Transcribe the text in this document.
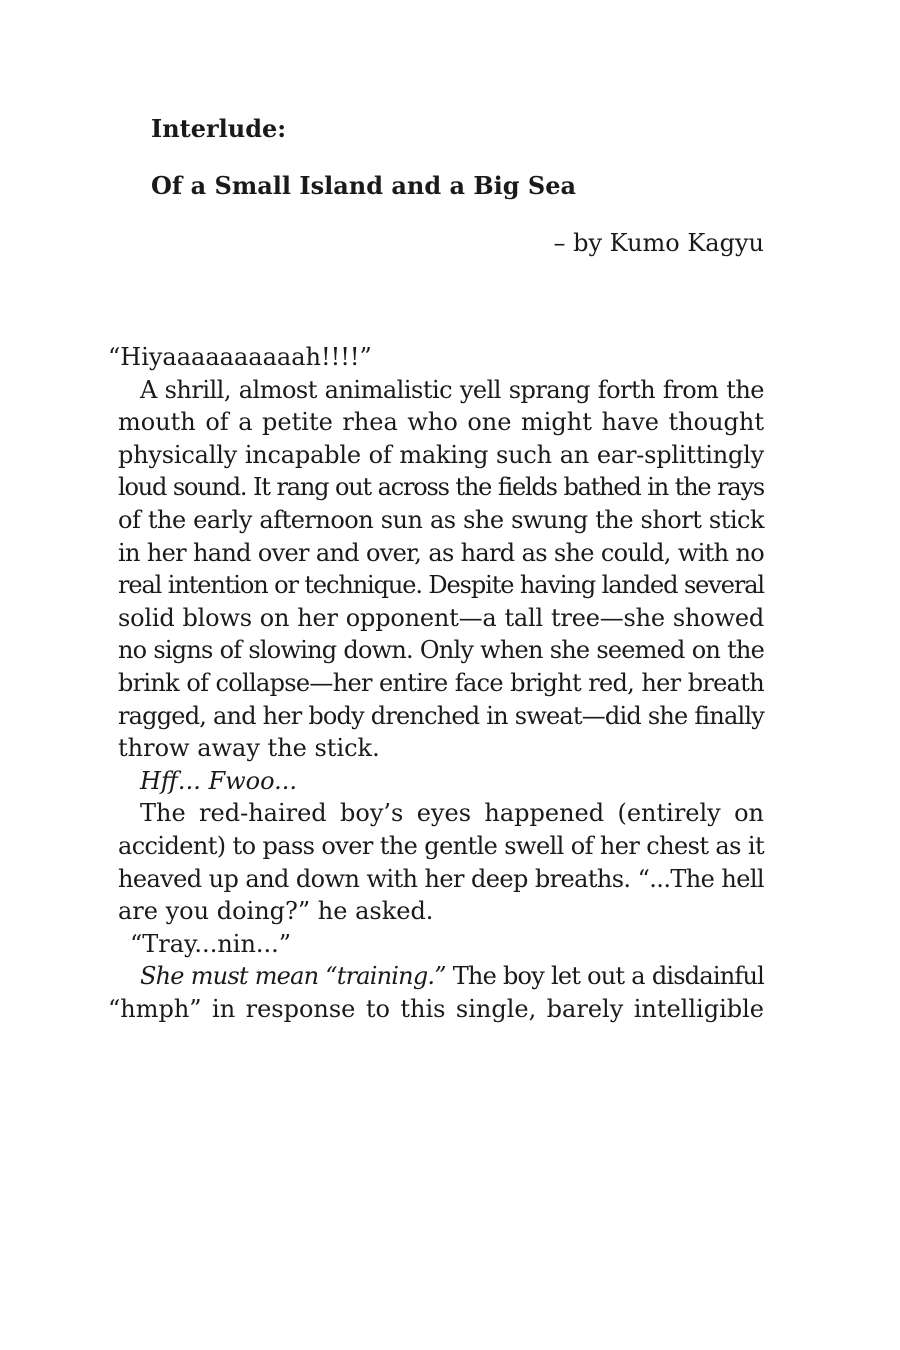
Interlude:
Of a Small Island and a Big Sea
– by Kumo Kagyu

“Hiyaaaaaaaaaah!!!!”

A shrill, almost animalistic yell sprang forth from the
mouth of a petite rhea who one might have thought
physically incapable of making such an ear-splittingly
loud sound. It rang out across the fields bathed in the rays
of the early afternoon sun as she swung the short stick
in her hand over and over, as hard as she could, with no
real intention or technique. Despite having landed several
solid blows on her opponent—a tall tree—she showed
no signs of slowing down. Only when she seemed on the
brink of collapse—her entire face bright red, her breath
ragged, and her body drenched in sweat—did she finally
throw away the stick.

Hff... Fwoo...

The red-haired boy’s eyes happened (entirely on
accident) to pass over the gentle swell of her chest as it
heaved up and down with her deep breaths. “...The hell
are you doing?” he asked.

“Tray...nin...”

She must mean “training.” The boy let out a disdainful
“hmph” in response to this single, barely intelligible
